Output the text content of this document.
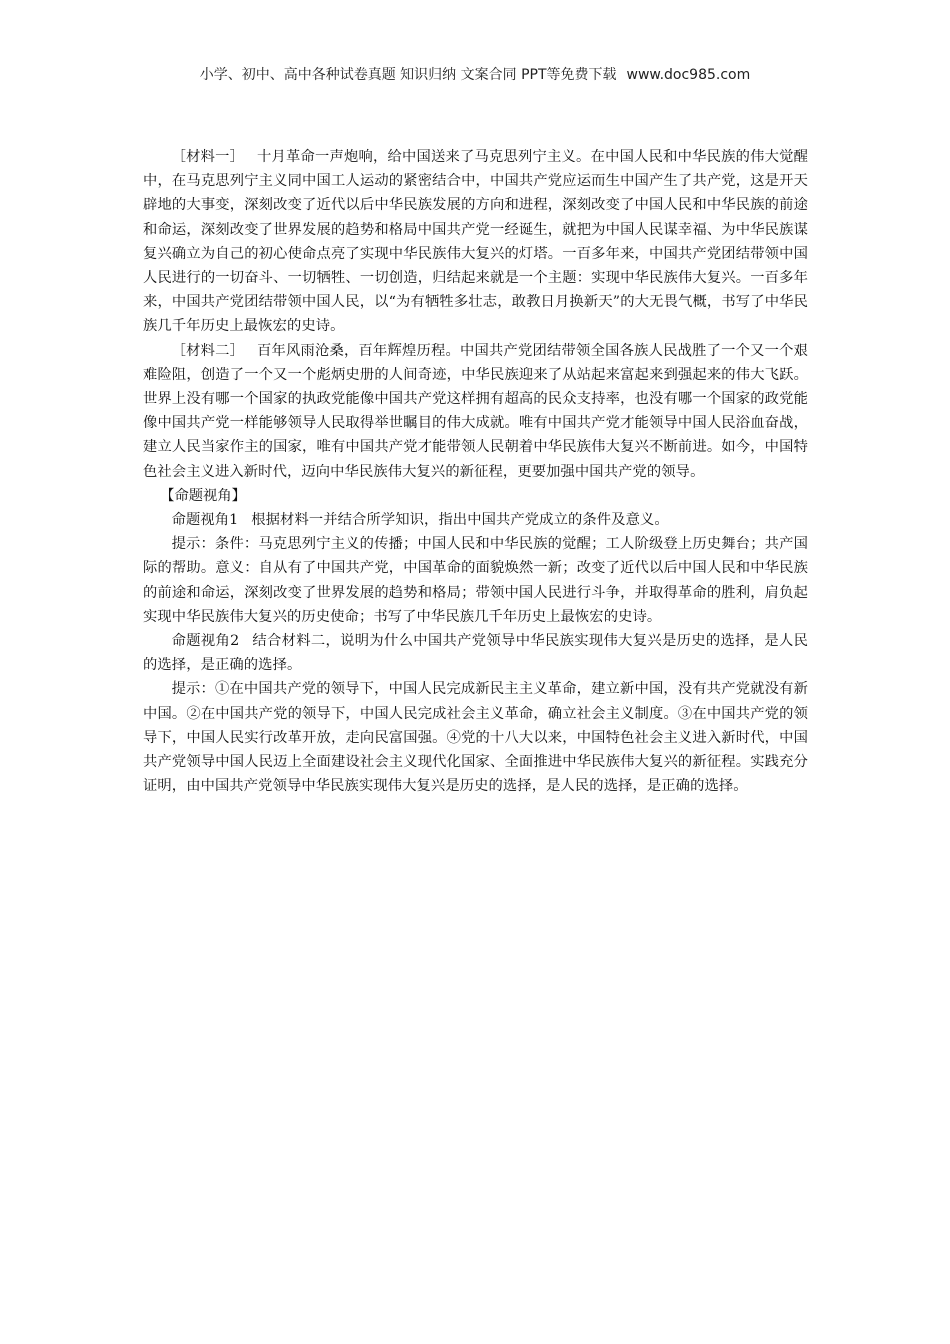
小学、初中、高中各种试卷真题 知识归纳 文案合同 PPT等免费下载 www.doc985.com

［材料一］ 十月革命一声炮响，给中国送来了马克思列宁主义。在中国人民和中华民族的伟大觉醒中，在马克思列宁主义同中国工人运动的紧密结合中，中国共产党应运而生中国产生了共产党，这是开天辟地的大事变，深刻改变了近代以后中华民族发展的方向和进程，深刻改变了中国人民和中华民族的前途和命运，深刻改变了世界发展的趋势和格局中国共产党一经诞生，就把为中国人民谋幸福、为中华民族谋复兴确立为自己的初心使命点亮了实现中华民族伟大复兴的灯塔。一百多年来，中国共产党团结带领中国人民进行的一切奋斗、一切牺牲、一切创造，归结起来就是一个主题：实现中华民族伟大复兴。一百多年来，中国共产党团结带领中国人民，以“为有牺牲多壮志，敢教日月换新天”的大无畏气概，书写了中华民族几千年历史上最恢宏的史诗。

［材料二］ 百年风雨沧桑，百年辉煌历程。中国共产党团结带领全国各族人民战胜了一个又一个艰难险阻，创造了一个又一个彪炳史册的人间奇迹，中华民族迎来了从站起来富起来到强起来的伟大飞跃。世界上没有哪一个国家的执政党能像中国共产党这样拥有超高的民众支持率，也没有哪一个国家的政党能像中国共产党一样能够领导人民取得举世瞩目的伟大成就。唯有中国共产党才能领导中国人民浴血奋战，建立人民当家作主的国家，唯有中国共产党才能带领人民朝着中华民族伟大复兴不断前进。如今，中国特色社会主义进入新时代，迈向中华民族伟大复兴的新征程，更要加强中国共产党的领导。

【命题视角】

命题视角1 根据材料一并结合所学知识，指出中国共产党成立的条件及意义。

提示：条件：马克思列宁主义的传播；中国人民和中华民族的觉醒；工人阶级登上历史舞台；共产国际的帮助。意义：自从有了中国共产党，中国革命的面貌焕然一新；改变了近代以后中国人民和中华民族的前途和命运，深刻改变了世界发展的趋势和格局；带领中国人民进行斗争，并取得革命的胜利，肩负起实现中华民族伟大复兴的历史使命；书写了中华民族几千年历史上最恢宏的史诗。

命题视角2 结合材料二，说明为什么中国共产党领导中华民族实现伟大复兴是历史的选择，是人民的选择，是正确的选择。

提示：①在中国共产党的领导下，中国人民完成新民主主义革命，建立新中国，没有共产党就没有新中国。②在中国共产党的领导下，中国人民完成社会主义革命，确立社会主义制度。③在中国共产党的领导下，中国人民实行改革开放，走向民富国强。④党的十八大以来，中国特色社会主义进入新时代，中国共产党领导中国人民迈上全面建设社会主义现代化国家、全面推进中华民族伟大复兴的新征程。实践充分证明，由中国共产党领导中华民族实现伟大复兴是历史的选择，是人民的选择，是正确的选择。
